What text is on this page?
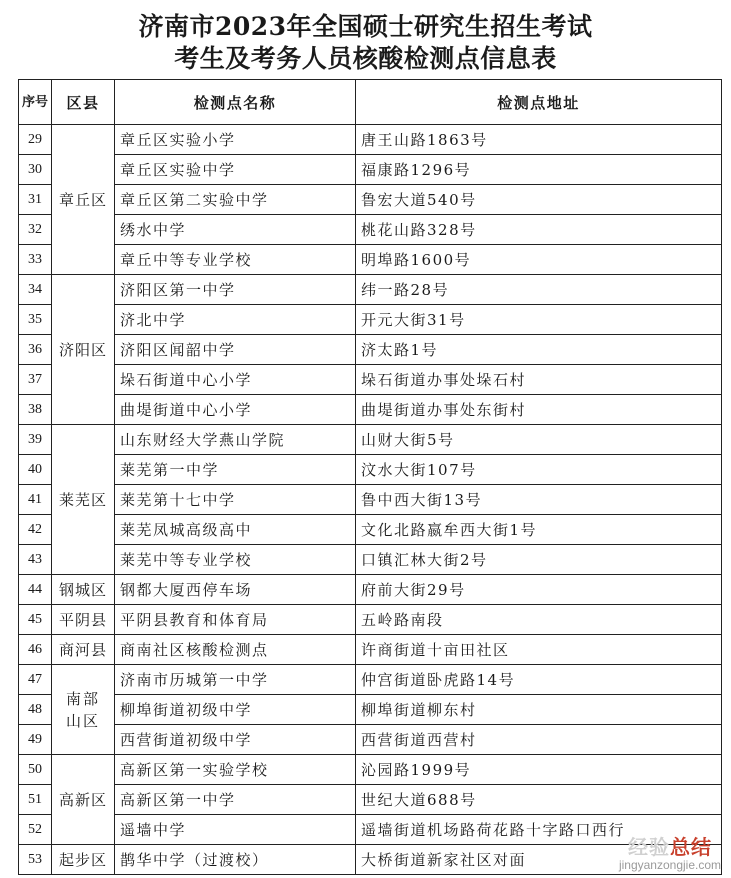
济南市2023年全国硕士研究生招生考试
考生及考务人员核酸检测点信息表
序号	区县	检测点名称	检测点地址
29	章丘区	章丘区实验小学	唐王山路1863号
30		章丘区实验中学	福康路1296号
31		章丘区第二实验中学	鲁宏大道540号
32		绣水中学	桃花山路328号
33		章丘中等专业学校	明埠路1600号
34	济阳区	济阳区第一中学	纬一路28号
35		济北中学	开元大街31号
36		济阳区闻韶中学	济太路1号
37		垛石街道中心小学	垛石街道办事处垛石村
38		曲堤街道中心小学	曲堤街道办事处东街村
39	莱芜区	山东财经大学燕山学院	山财大街5号
40		莱芜第一中学	汶水大街107号
41		莱芜第十七中学	鲁中西大街13号
42		莱芜凤城高级高中	文化北路嬴牟西大街1号
43		莱芜中等专业学校	口镇汇林大街2号
44	钢城区	钢都大厦西停车场	府前大街29号
45	平阴县	平阴县教育和体育局	五岭路南段
46	商河县	商南社区核酸检测点	许商街道十亩田社区
47	南部山区	济南市历城第一中学	仲宫街道卧虎路14号
48		柳埠街道初级中学	柳埠街道柳东村
49		西营街道初级中学	西营街道西营村
50	高新区	高新区第一实验学校	沁园路1999号
51		高新区第一中学	世纪大道688号
52		遥墙中学	遥墙街道机场路荷花路十字路口西行
53	起步区	鹊华中学（过渡校）	大桥街道新家社区对面
经验总结
jingyanzongjie.com
